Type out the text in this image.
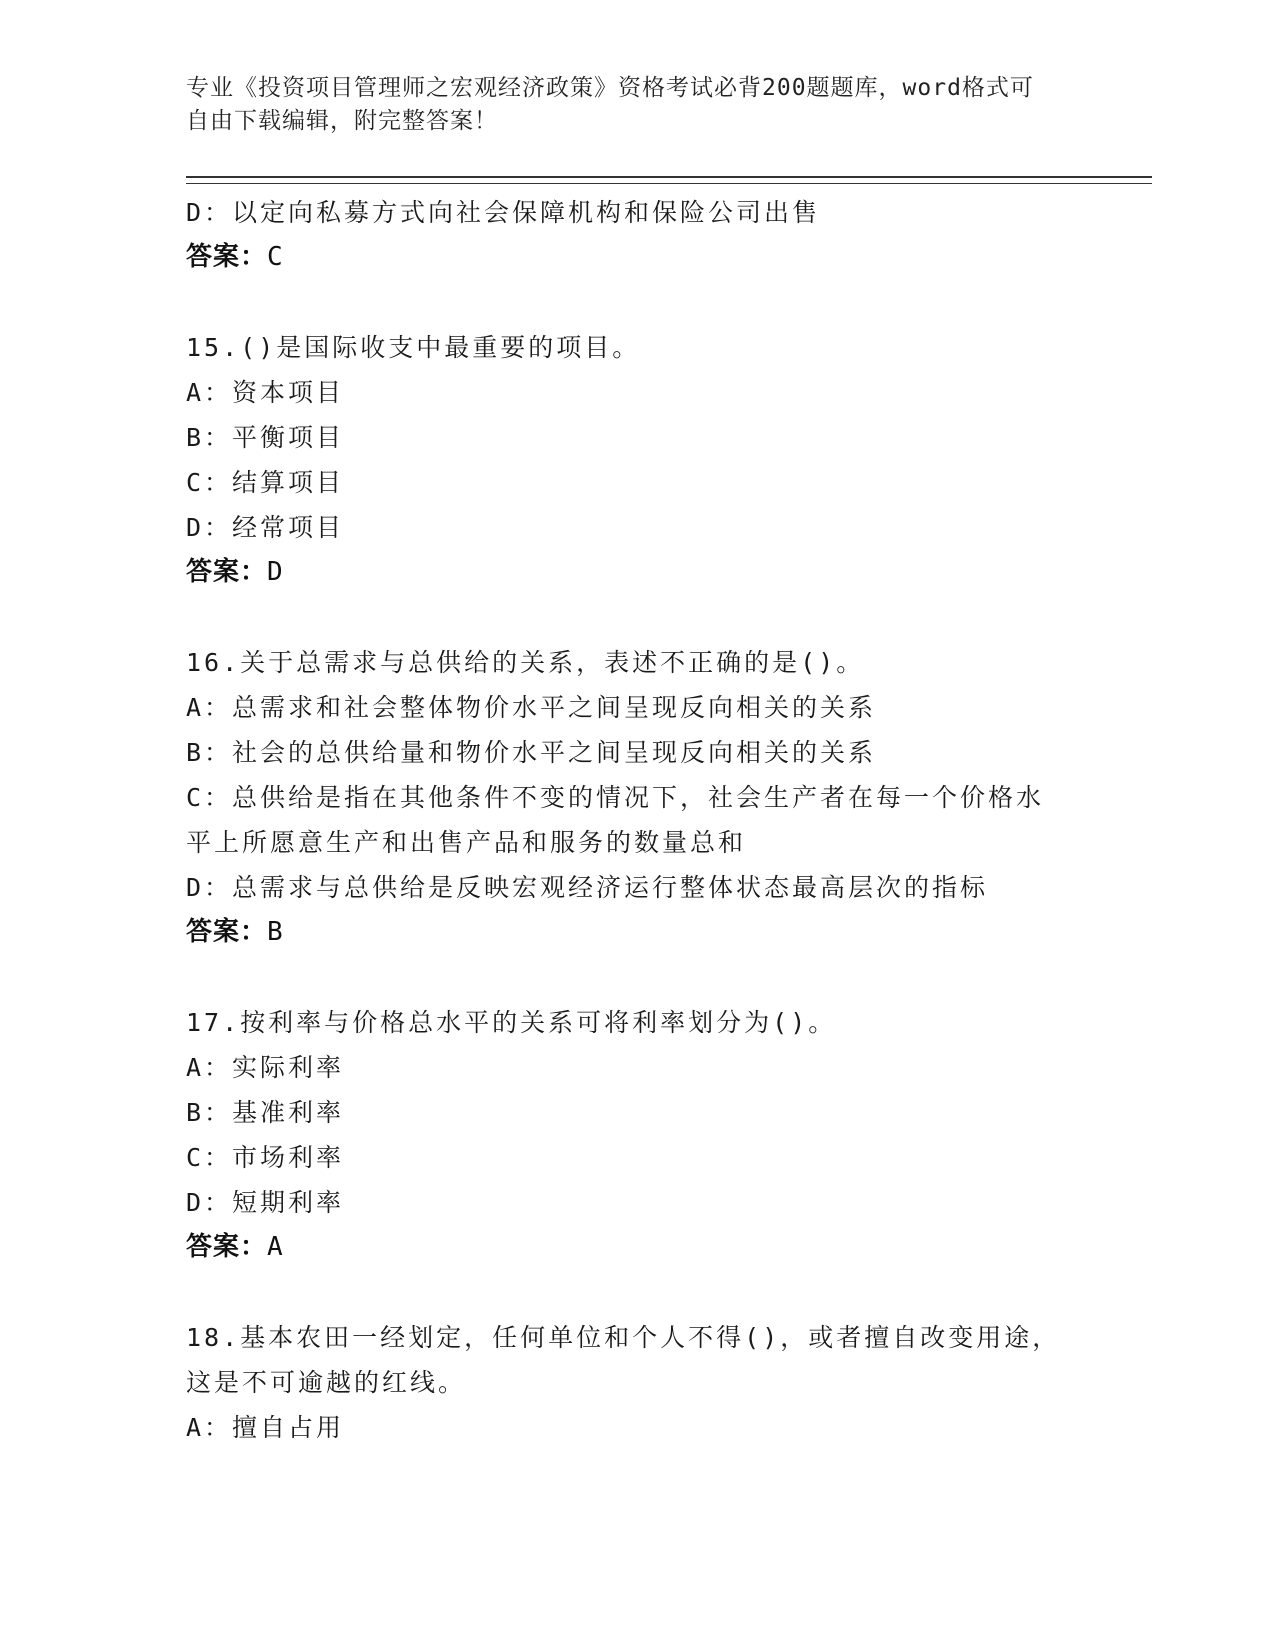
专业《投资项目管理师之宏观经济政策》资格考试必背200题题库，word格式可
自由下载编辑，附完整答案！
D：以定向私募方式向社会保障机构和保险公司出售
答案：C
15.()是国际收支中最重要的项目。
A：资本项目
B：平衡项目
C：结算项目
D：经常项目
答案：D
16.关于总需求与总供给的关系，表述不正确的是()。
A：总需求和社会整体物价水平之间呈现反向相关的关系
B：社会的总供给量和物价水平之间呈现反向相关的关系
C：总供给是指在其他条件不变的情况下，社会生产者在每一个价格水
平上所愿意生产和出售产品和服务的数量总和
D：总需求与总供给是反映宏观经济运行整体状态最高层次的指标
答案：B
17.按利率与价格总水平的关系可将利率划分为()。
A：实际利率
B：基准利率
C：市场利率
D：短期利率
答案：A
18.基本农田一经划定，任何单位和个人不得()，或者擅自改变用途，
这是不可逾越的红线。
A：擅自占用
